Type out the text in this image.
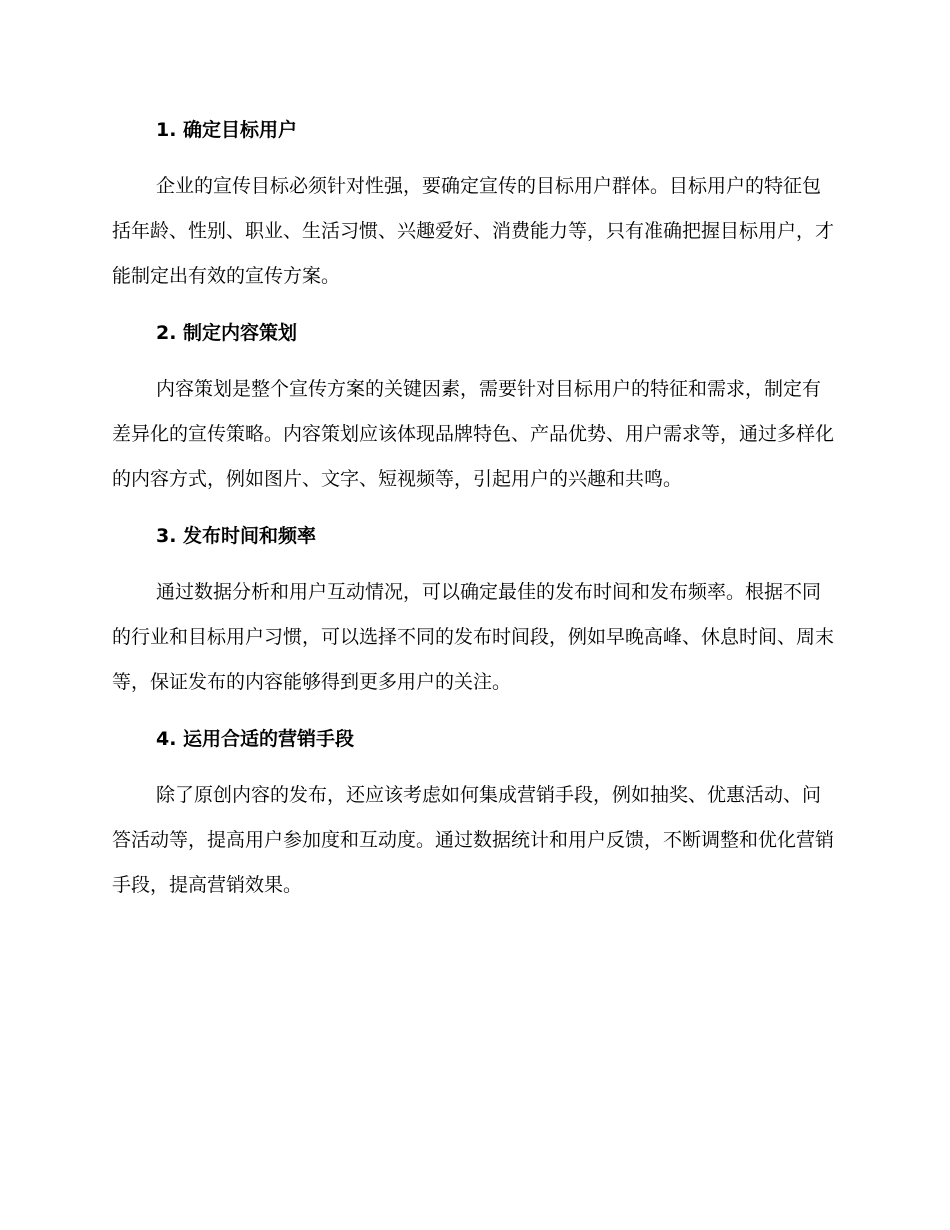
1. 确定目标用户

企业的宣传目标必须针对性强，要确定宣传的目标用户群体。目标用户的特征包括年龄、性别、职业、生活习惯、兴趣爱好、消费能力等，只有准确把握目标用户，才能制定出有效的宣传方案。

2. 制定内容策划

内容策划是整个宣传方案的关键因素，需要针对目标用户的特征和需求，制定有差异化的宣传策略。内容策划应该体现品牌特色、产品优势、用户需求等，通过多样化的内容方式，例如图片、文字、短视频等，引起用户的兴趣和共鸣。

3. 发布时间和频率

通过数据分析和用户互动情况，可以确定最佳的发布时间和发布频率。根据不同的行业和目标用户习惯，可以选择不同的发布时间段，例如早晚高峰、休息时间、周末等，保证发布的内容能够得到更多用户的关注。

4. 运用合适的营销手段

除了原创内容的发布，还应该考虑如何集成营销手段，例如抽奖、优惠活动、问答活动等，提高用户参加度和互动度。通过数据统计和用户反馈，不断调整和优化营销手段，提高营销效果。
